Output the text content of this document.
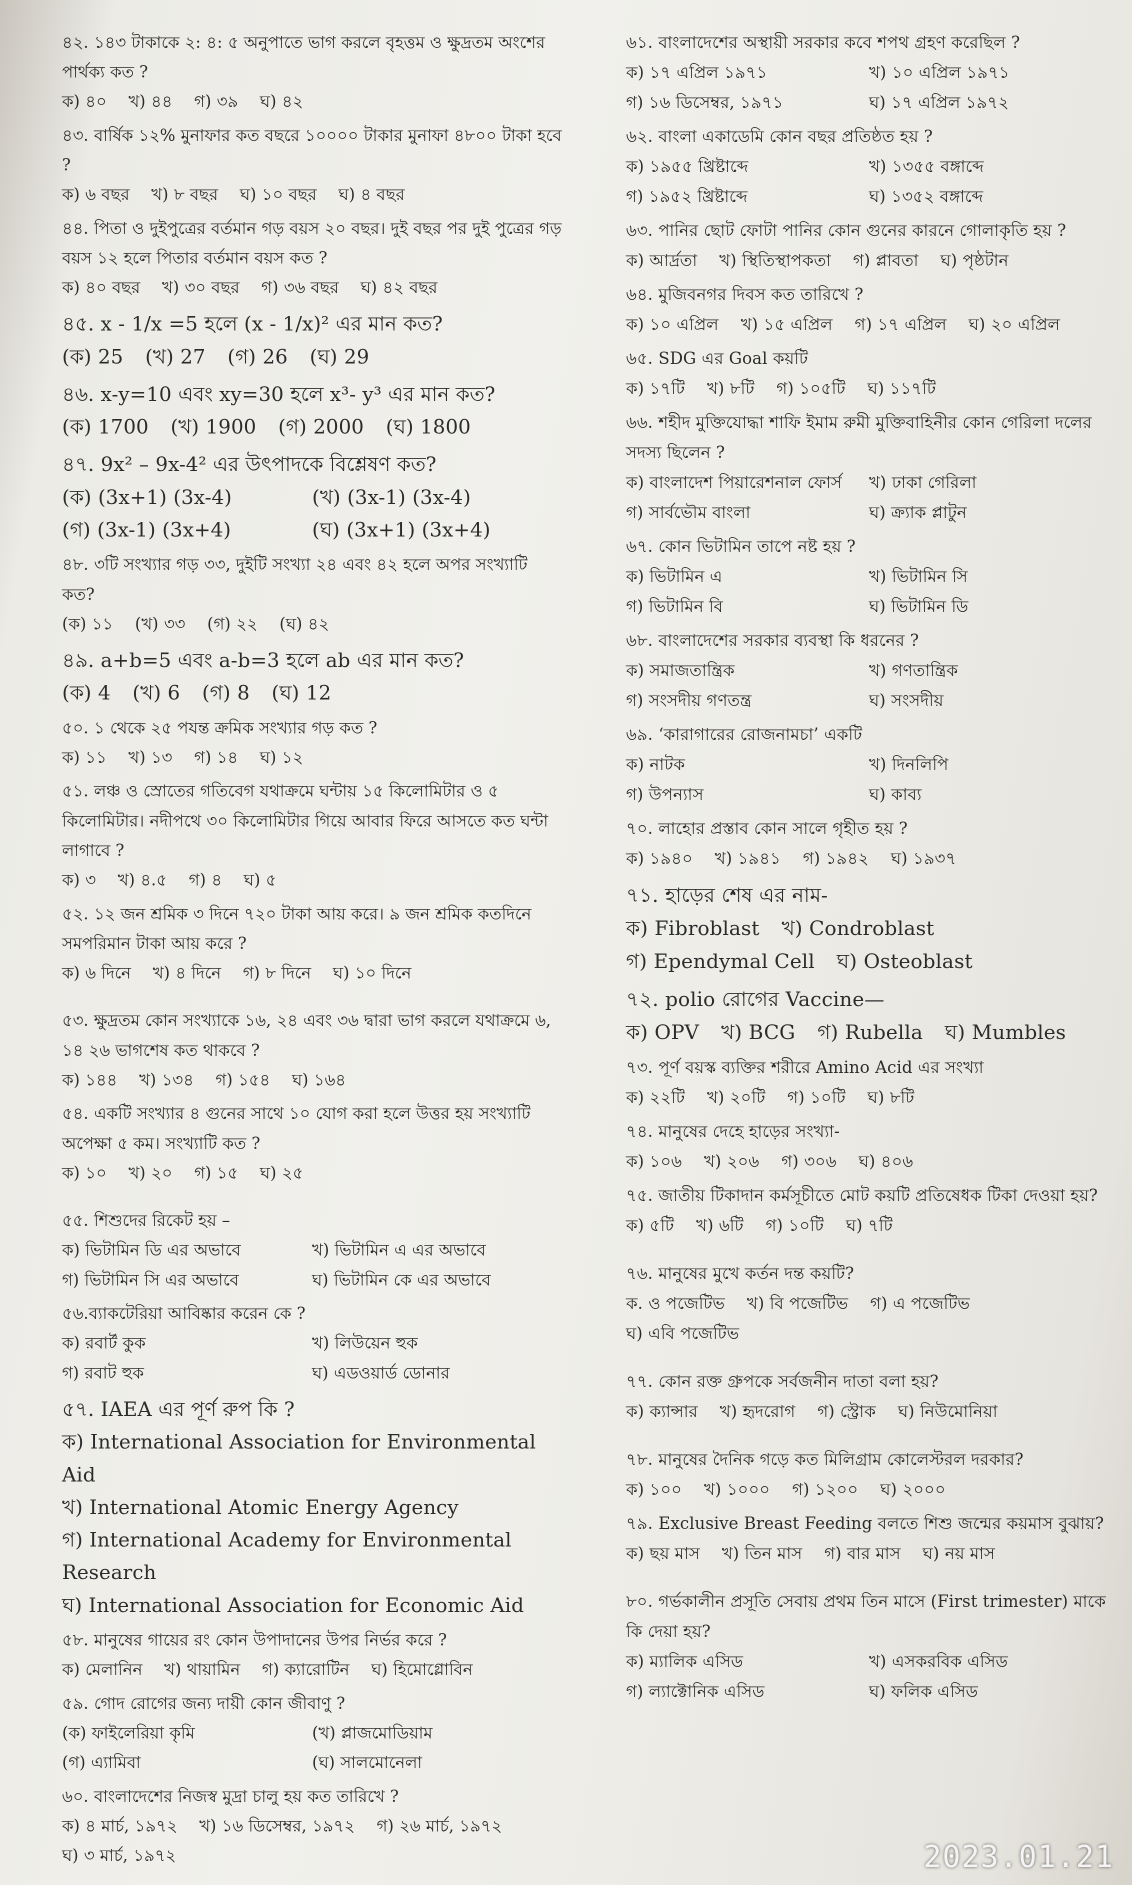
৪২. ১৪৩ টাকাকে ২: ৪: ৫ অনুপাতে ভাগ করলে বৃহত্তম ও ক্ষুদ্রতম অংশের পার্থক্য কত ?
ক) ৪০ খ) ৪৪ গ) ৩৯ ঘ) ৪২
৪৩. বার্ষিক ১২% মুনাফার কত বছরে ১০০০০ টাকার মুনাফা ৪৮০০ টাকা হবে ?
ক) ৬ বছর খ) ৮ বছর ঘ) ১০ বছর ঘ) ৪ বছর
৪৪. পিতা ও দুইপুত্রের বর্তমান গড় বয়স ২০ বছর। দুই বছর পর দুই পুত্রের গড় বয়স ১২ হলে পিতার বর্তমান বয়স কত ?
ক) ৪০ বছর খ) ৩০ বছর গ) ৩৬ বছর ঘ) ৪২ বছর
৪৫. x - 1/x =5 হলে (x - 1/x)² এর মান কত?
(ক) 25 (খ) 27 (গ) 26 (ঘ) 29
৪৬. x-y=10 এবং xy=30 হলে x³- y³ এর মান কত?
(ক) 1700 (খ) 1900 (গ) 2000 (ঘ) 1800
৪৭. 9x² – 9x-4² এর উৎপাদকে বিশ্লেষণ কত?
(ক) (3x+1) (3x-4)	(খ) (3x-1) (3x-4)
(গ) (3x-1) (3x+4)	(ঘ) (3x+1) (3x+4)
৪৮. ৩টি সংখ্যার গড় ৩৩, দুইটি সংখ্যা ২৪ এবং ৪২ হলে অপর সংখ্যাটি কত?
(ক) ১১ (খ) ৩৩ (গ) ২২ (ঘ) ৪২
৪৯. a+b=5 এবং a-b=3 হলে ab এর মান কত?
(ক) 4 (খ) 6 (গ) 8 (ঘ) 12
৫০. ১ থেকে ২৫ পযন্ত ক্রমিক সংখ্যার গড় কত ?
ক) ১১ খ) ১৩ গ) ১৪ ঘ) ১২
৫১. লঞ্চ ও স্রোতের গতিবেগ যথাক্রমে ঘন্টায় ১৫ কিলোমিটার ও ৫ কিলোমিটার। নদীপথে ৩০ কিলোমিটার গিয়ে আবার ফিরে আসতে কত ঘন্টা লাগাবে ?
ক) ৩ খ) ৪.৫ গ) ৪ ঘ) ৫
৫২. ১২ জন শ্রমিক ৩ দিনে ৭২০ টাকা আয় করে। ৯ জন শ্রমিক কতদিনে সমপরিমান টাকা আয় করে ?
ক) ৬ দিনে খ) ৪ দিনে গ) ৮ দিনে ঘ) ১০ দিনে
৫৩. ক্ষুদ্রতম কোন সংখ্যাকে ১৬, ২৪ এবং ৩৬ দ্বারা ভাগ করলে যথাক্রমে ৬, ১৪ ২৬ ভাগশেষ কত থাকবে ?
ক) ১৪৪ খ) ১৩৪ গ) ১৫৪ ঘ) ১৬৪
৫৪. একটি সংখ্যার ৪ গুনের সাথে ১০ যোগ করা হলে উত্তর হয় সংখ্যাটি অপেক্ষা ৫ কম। সংখ্যাটি কত ?
ক) ১০ খ) ২০ গ) ১৫ ঘ) ২৫
৫৫. শিশুদের রিকেট হয় –
ক) ভিটামিন ডি এর অভাবে	খ) ভিটামিন এ এর অভাবে
গ) ভিটামিন সি এর অভাবে	ঘ) ভিটামিন কে এর অভাবে
৫৬.ব্যাকটেরিয়া আবিষ্কার করেন কে ?
ক) রবার্ট কুক	খ) লিউয়েন হুক
গ) রবাট হুক	ঘ) এডওয়ার্ড ডোনার
৫৭. IAEA এর পূর্ণ রুপ কি ?
ক) International Association for Environmental Aid
খ) International Atomic Energy Agency
গ) International Academy for Environmental Research
ঘ) International Association for Economic Aid
৫৮. মানুষের গায়ের রং কোন উপাদানের উপর নির্ভর করে ?
ক) মেলানিন খ) থায়ামিন গ) ক্যারোটিন ঘ) হিমোগ্লোবিন
৫৯. গোদ রোগের জন্য দায়ী কোন জীবাণু ?
(ক) ফাইলেরিয়া কৃমি	(খ) প্লাজমোডিয়াম
(গ) এ্যামিবা	(ঘ) সালমোনেলা
৬০. বাংলাদেশের নিজস্ব মুদ্রা চালু হয় কত তারিখে ?
ক) ৪ মার্চ, ১৯৭২ খ) ১৬ ডিসেম্বর, ১৯৭২ গ) ২৬ মার্চ, ১৯৭২
ঘ) ৩ মার্চ, ১৯৭২
৬১. বাংলাদেশের অস্থায়ী সরকার কবে শপথ গ্রহণ করেছিল ?
ক) ১৭ এপ্রিল ১৯৭১	খ) ১০ এপ্রিল ১৯৭১
গ) ১৬ ডিসেম্বর, ১৯৭১	ঘ) ১৭ এপ্রিল ১৯৭২
৬২. বাংলা একাডেমি কোন বছর প্রতিষ্ঠত হয় ?
ক) ১৯৫৫ খ্রিষ্টাব্দে	খ) ১৩৫৫ বঙ্গাব্দে
গ) ১৯৫২ খ্রিষ্টাব্দে	ঘ) ১৩৫২ বঙ্গাব্দে
৬৩. পানির ছোট ফোটা পানির কোন গুনের কারনে গোলাকৃতি হয় ?
ক) আর্দ্রতা খ) স্থিতিস্থাপকতা গ) প্লাবতা ঘ) পৃষ্ঠটান
৬৪. মুজিবনগর দিবস কত তারিখে ?
ক) ১০ এপ্রিল খ) ১৫ এপ্রিল গ) ১৭ এপ্রিল ঘ) ২০ এপ্রিল
৬৫. SDG এর Goal কয়টি
ক) ১৭টি খ) ৮টি গ) ১০৫টি ঘ) ১১৭টি
৬৬. শহীদ মুক্তিযোদ্ধা শাফি ইমাম রুমী মুক্তিবাহিনীর কোন গেরিলা দলের সদস্য ছিলেন ?
ক) বাংলাদেশ পিয়ারেশনাল ফোর্স	খ) ঢাকা গেরিলা
গ) সার্বভৌম বাংলা	ঘ) ক্র্যাক প্লাটুন
৬৭. কোন ভিটামিন তাপে নষ্ট হয় ?
ক) ভিটামিন এ	খ) ভিটামিন সি
গ) ভিটামিন বি	ঘ) ভিটামিন ডি
৬৮. বাংলাদেশের সরকার ব্যবস্থা কি ধরনের ?
ক) সমাজতান্ত্রিক	খ) গণতান্ত্রিক
গ) সংসদীয় গণতন্ত্র	ঘ) সংসদীয়
৬৯. ‘কারাগারের রোজনামচা’ একটি
ক) নাটক	খ) দিনলিপি
গ) উপন্যাস	ঘ) কাব্য
৭০. লাহোর প্রস্তাব কোন সালে গৃহীত হয় ?
ক) ১৯৪০ খ) ১৯৪১ গ) ১৯৪২ ঘ) ১৯৩৭
৭১. হাড়ের শেষ এর নাম-
ক) Fibroblast খ) Condroblast
গ) Ependymal Cell ঘ) Osteoblast
৭২. polio রোগের Vaccine—
ক) OPV খ) BCG গ) Rubella ঘ) Mumbles
৭৩. পূর্ণ বয়স্ক ব্যক্তির শরীরে Amino Acid এর সংখ্যা
ক) ২২টি খ) ২০টি গ) ১০টি ঘ) ৮টি
৭৪. মানুষের দেহে হাড়ের সংখ্যা-
ক) ১০৬ খ) ২০৬ গ) ৩০৬ ঘ) ৪০৬
৭৫. জাতীয় টিকাদান কর্মসূচীতে মোট কয়টি প্রতিষেধক টিকা দেওয়া হয়?
ক) ৫টি খ) ৬টি গ) ১০টি ঘ) ৭টি
৭৬. মানুষের মুখে কর্তন দন্ত কয়টি?
ক. ও পজেটিভ খ) বি পজেটিভ গ) এ পজেটিভ
ঘ) এবি পজেটিভ
৭৭. কোন রক্ত গ্রুপকে সর্বজনীন দাতা বলা হয়?
ক) ক্যান্সার খ) হৃদরোগ গ) স্ট্রোক ঘ) নিউমোনিয়া
৭৮. মানুষের দৈনিক গড়ে কত মিলিগ্রাম কোলেস্টরল দরকার?
ক) ১০০ খ) ১০০০ গ) ১২০০ ঘ) ২০০০
৭৯. Exclusive Breast Feeding বলতে শিশু জন্মের কয়মাস বুঝায়?
ক) ছয় মাস খ) তিন মাস গ) বার মাস ঘ) নয় মাস
৮০. গর্ভকালীন প্রসূতি সেবায় প্রথম তিন মাসে (First trimester) মাকে কি দেয়া হয়?
ক) ম্যালিক এসিড	খ) এসকরবিক এসিড
গ) ল্যাক্টোনিক এসিড	ঘ) ফলিক এসিড
2023.01.21
